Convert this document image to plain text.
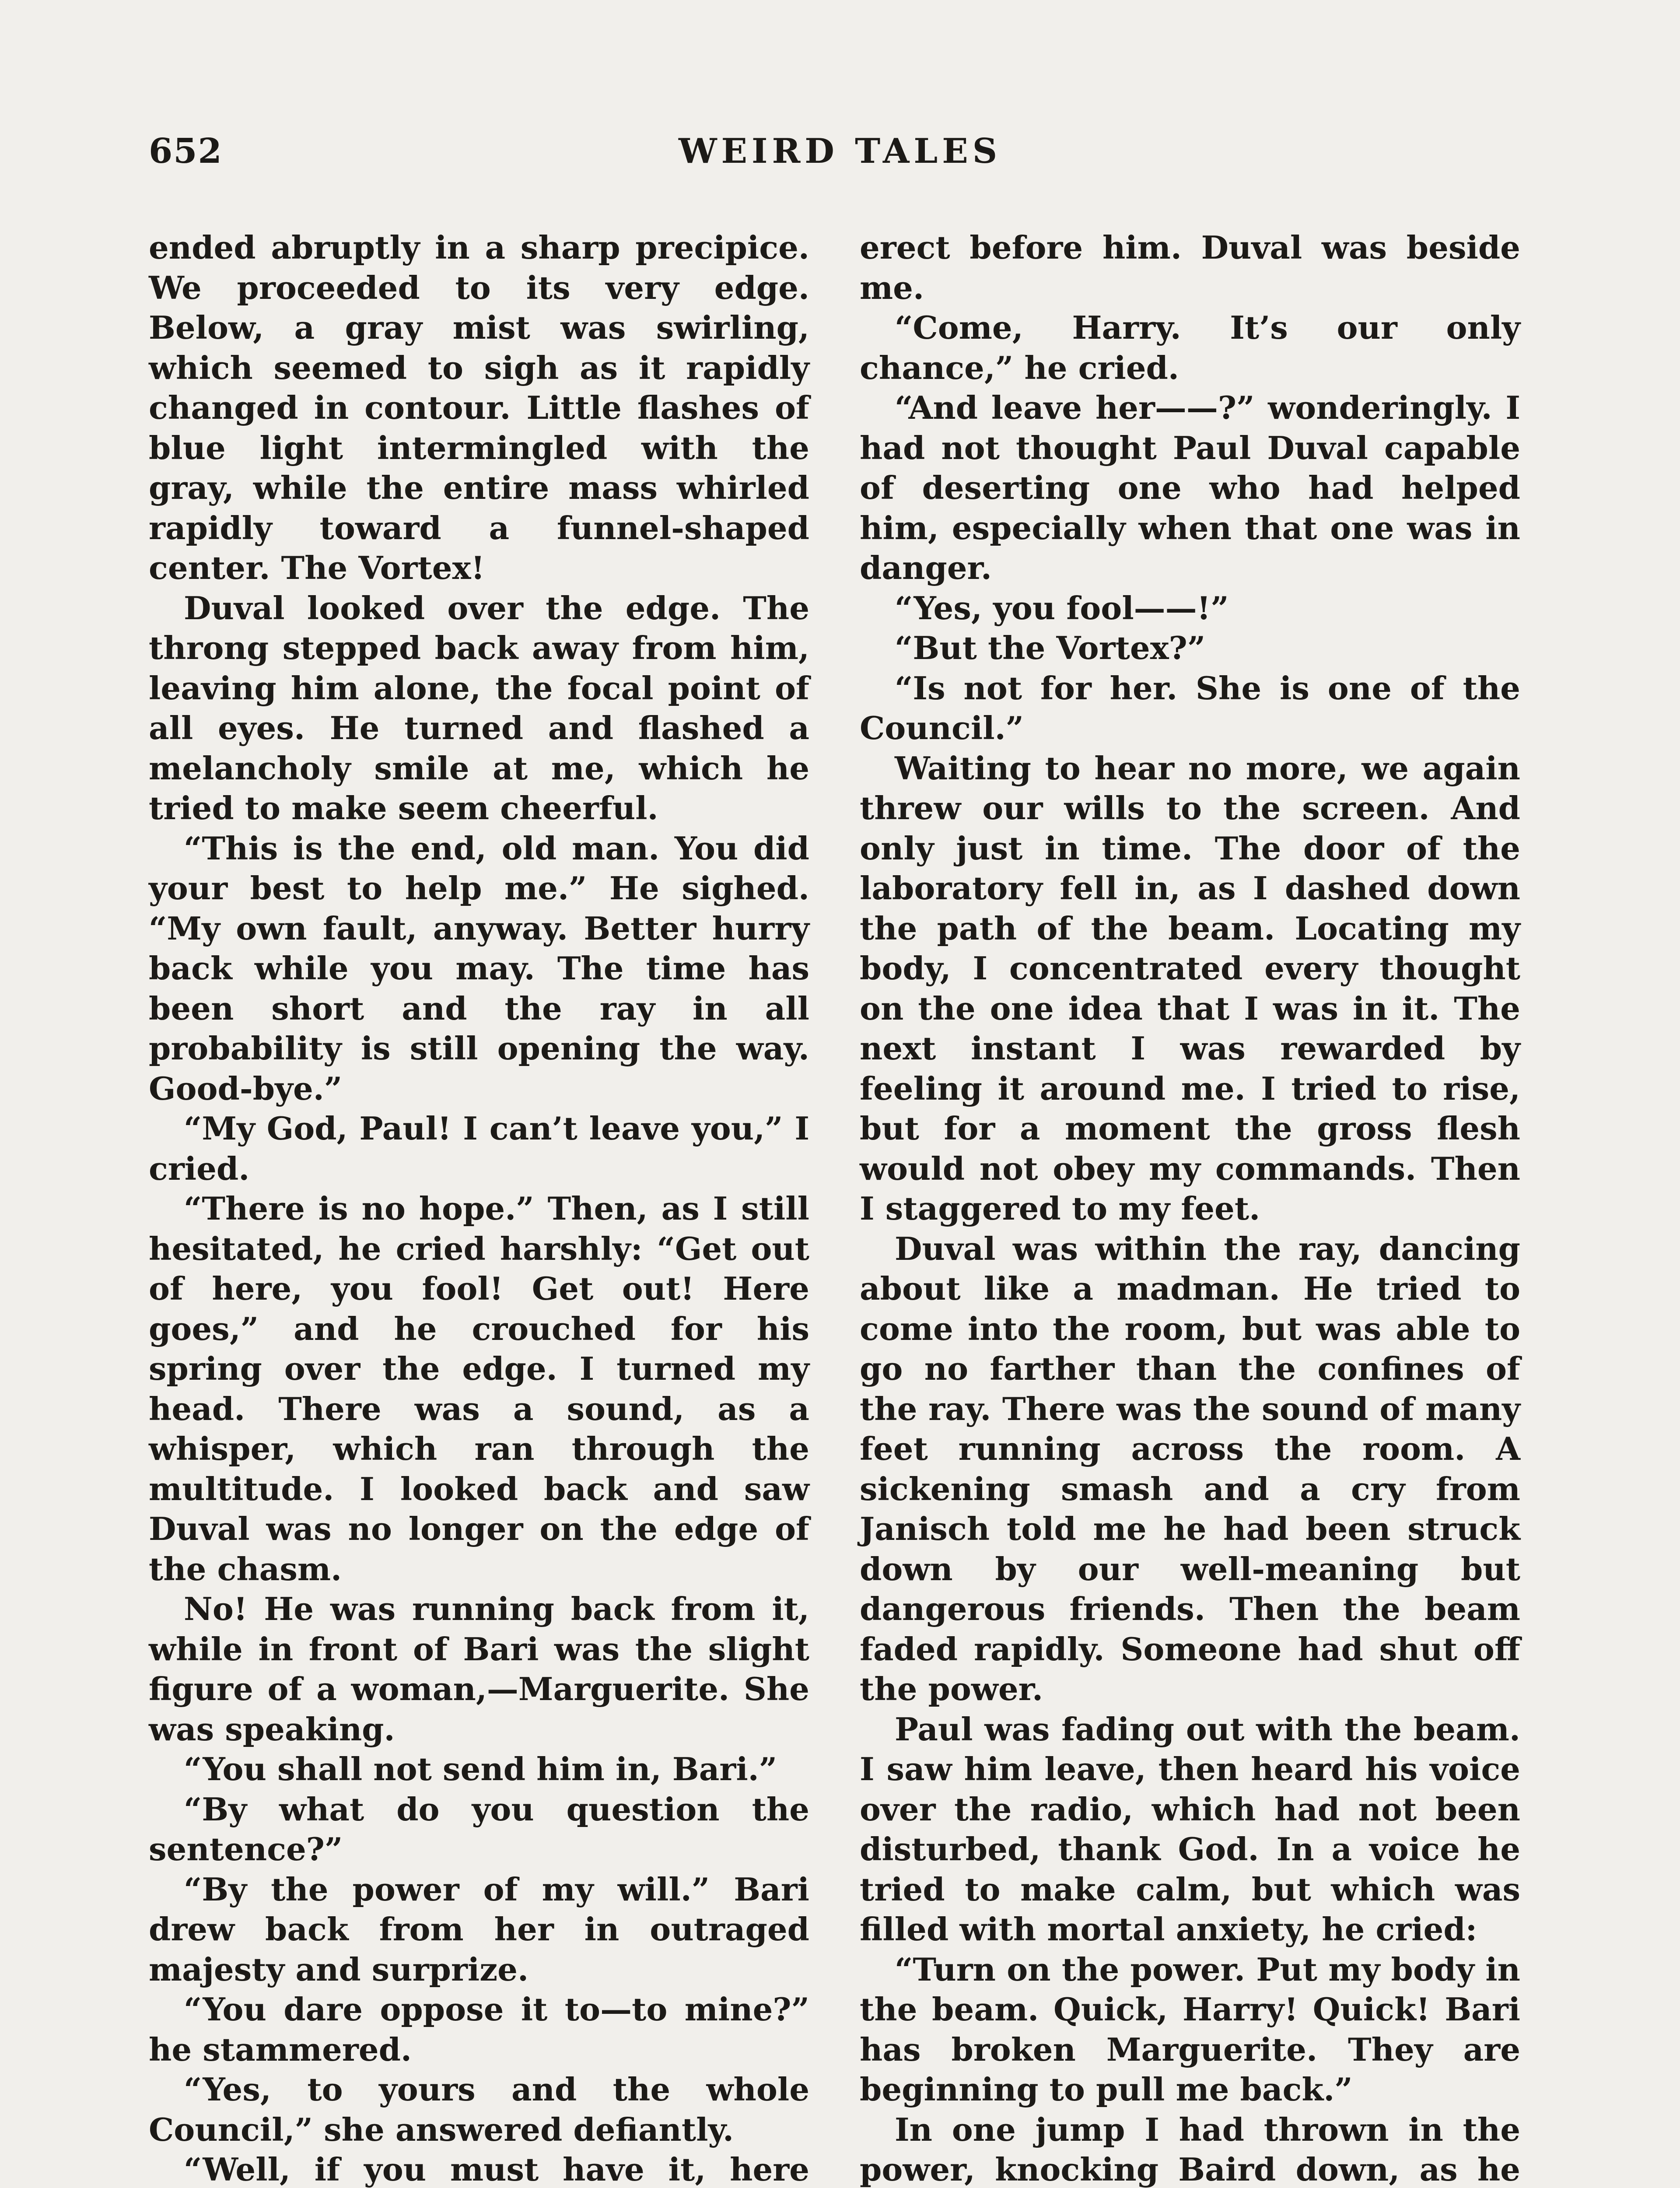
652	WEIRD TALES

ended abruptly in a sharp precipice. We proceeded to its very edge. Below, a gray mist was swirling, which seemed to sigh as it rapidly changed in contour. Little flashes of blue light intermingled with the gray, while the entire mass whirled rapidly toward a funnel-shaped center. The Vortex!

Duval looked over the edge. The throng stepped back away from him, leaving him alone, the focal point of all eyes. He turned and flashed a melancholy smile at me, which he tried to make seem cheerful.

“This is the end, old man. You did your best to help me.” He sighed. “My own fault, anyway. Better hurry back while you may. The time has been short and the ray in all probability is still opening the way. Good-bye.”

“My God, Paul! I can’t leave you,” I cried.

“There is no hope.” Then, as I still hesitated, he cried harshly: “Get out of here, you fool! Get out! Here goes,” and he crouched for his spring over the edge. I turned my head. There was a sound, as a whisper, which ran through the multitude. I looked back and saw Duval was no longer on the edge of the chasm.

No! He was running back from it, while in front of Bari was the slight figure of a woman,—Marguerite. She was speaking.

“You shall not send him in, Bari.”

“By what do you question the sentence?”

“By the power of my will.” Bari drew back from her in outraged majesty and surprize.

“You dare oppose it to—to mine?” he stammered.

“Yes, to yours and the whole Council,” she answered defiantly.

“Well, if you must have it, here

erect before him. Duval was beside me.

“Come, Harry. It’s our only chance,” he cried.

“And leave her——?” wonderingly. I had not thought Paul Duval capable of deserting one who had helped him, especially when that one was in danger.

“Yes, you fool——!”

“But the Vortex?”

“Is not for her. She is one of the Council.”

Waiting to hear no more, we again threw our wills to the screen. And only just in time. The door of the laboratory fell in, as I dashed down the path of the beam. Locating my body, I concentrated every thought on the one idea that I was in it. The next instant I was rewarded by feeling it around me. I tried to rise, but for a moment the gross flesh would not obey my commands. Then I staggered to my feet.

Duval was within the ray, dancing about like a madman. He tried to come into the room, but was able to go no farther than the confines of the ray. There was the sound of many feet running across the room. A sickening smash and a cry from Janisch told me he had been struck down by our well-meaning but dangerous friends. Then the beam faded rapidly. Someone had shut off the power.

Paul was fading out with the beam. I saw him leave, then heard his voice over the radio, which had not been disturbed, thank God. In a voice he tried to make calm, but which was filled with mortal anxiety, he cried:

“Turn on the power. Put my body in the beam. Quick, Harry! Quick! Bari has broken Marguerite. They are beginning to pull me back.”

In one jump I had thrown in the power, knocking Baird down, as he
